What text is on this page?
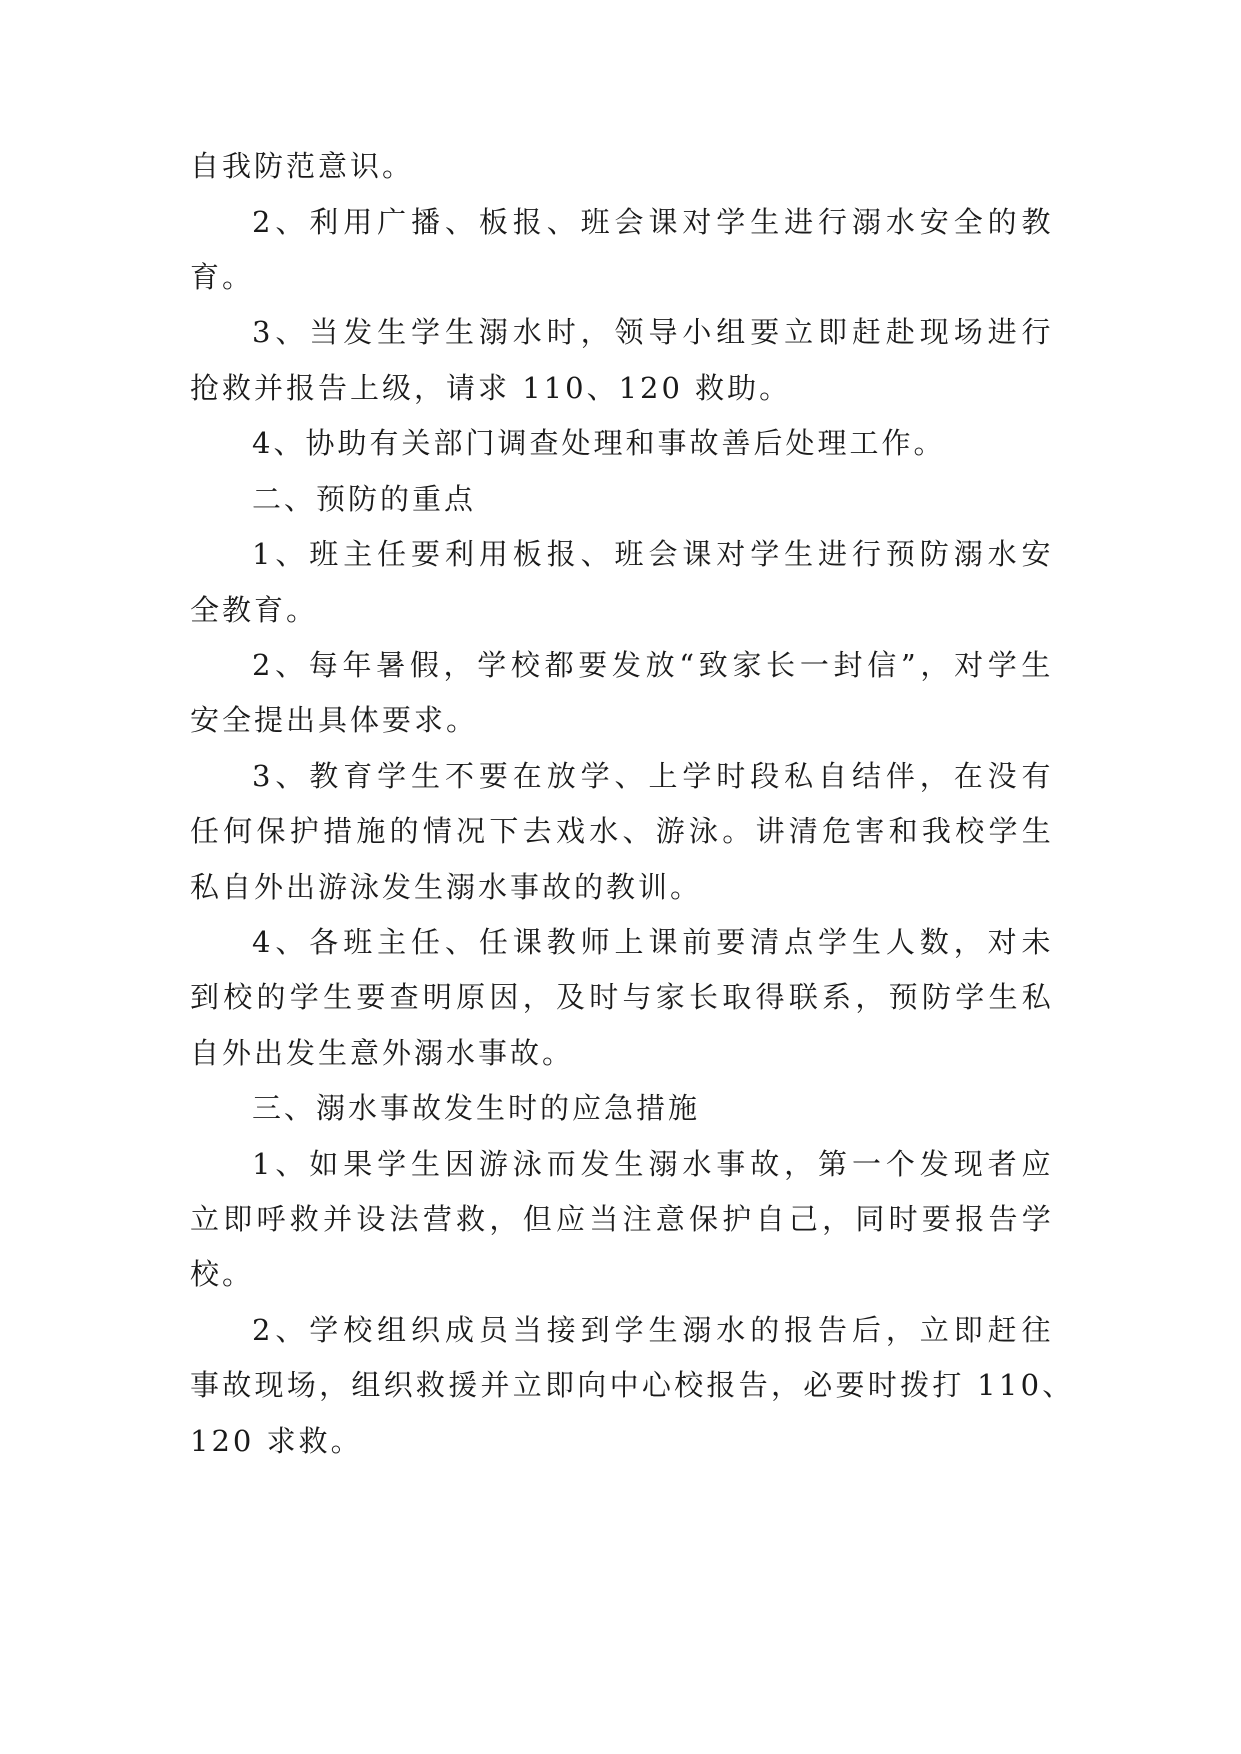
自我防范意识。
2、利用广播、板报、班会课对学生进行溺水安全的教
育。
3、当发生学生溺水时，领导小组要立即赶赴现场进行
抢救并报告上级，请求 110、120 救助。
4、协助有关部门调查处理和事故善后处理工作。
二、预防的重点
1、班主任要利用板报、班会课对学生进行预防溺水安
全教育。
2、每年暑假，学校都要发放“致家长一封信”，对学生
安全提出具体要求。
3、教育学生不要在放学、上学时段私自结伴，在没有
任何保护措施的情况下去戏水、游泳。讲清危害和我校学生
私自外出游泳发生溺水事故的教训。
4、各班主任、任课教师上课前要清点学生人数，对未
到校的学生要查明原因，及时与家长取得联系，预防学生私
自外出发生意外溺水事故。
三、溺水事故发生时的应急措施
1、如果学生因游泳而发生溺水事故，第一个发现者应
立即呼救并设法营救，但应当注意保护自己，同时要报告学
校。
2、学校组织成员当接到学生溺水的报告后，立即赶往
事故现场，组织救援并立即向中心校报告，必要时拨打 110、
120 求救。
